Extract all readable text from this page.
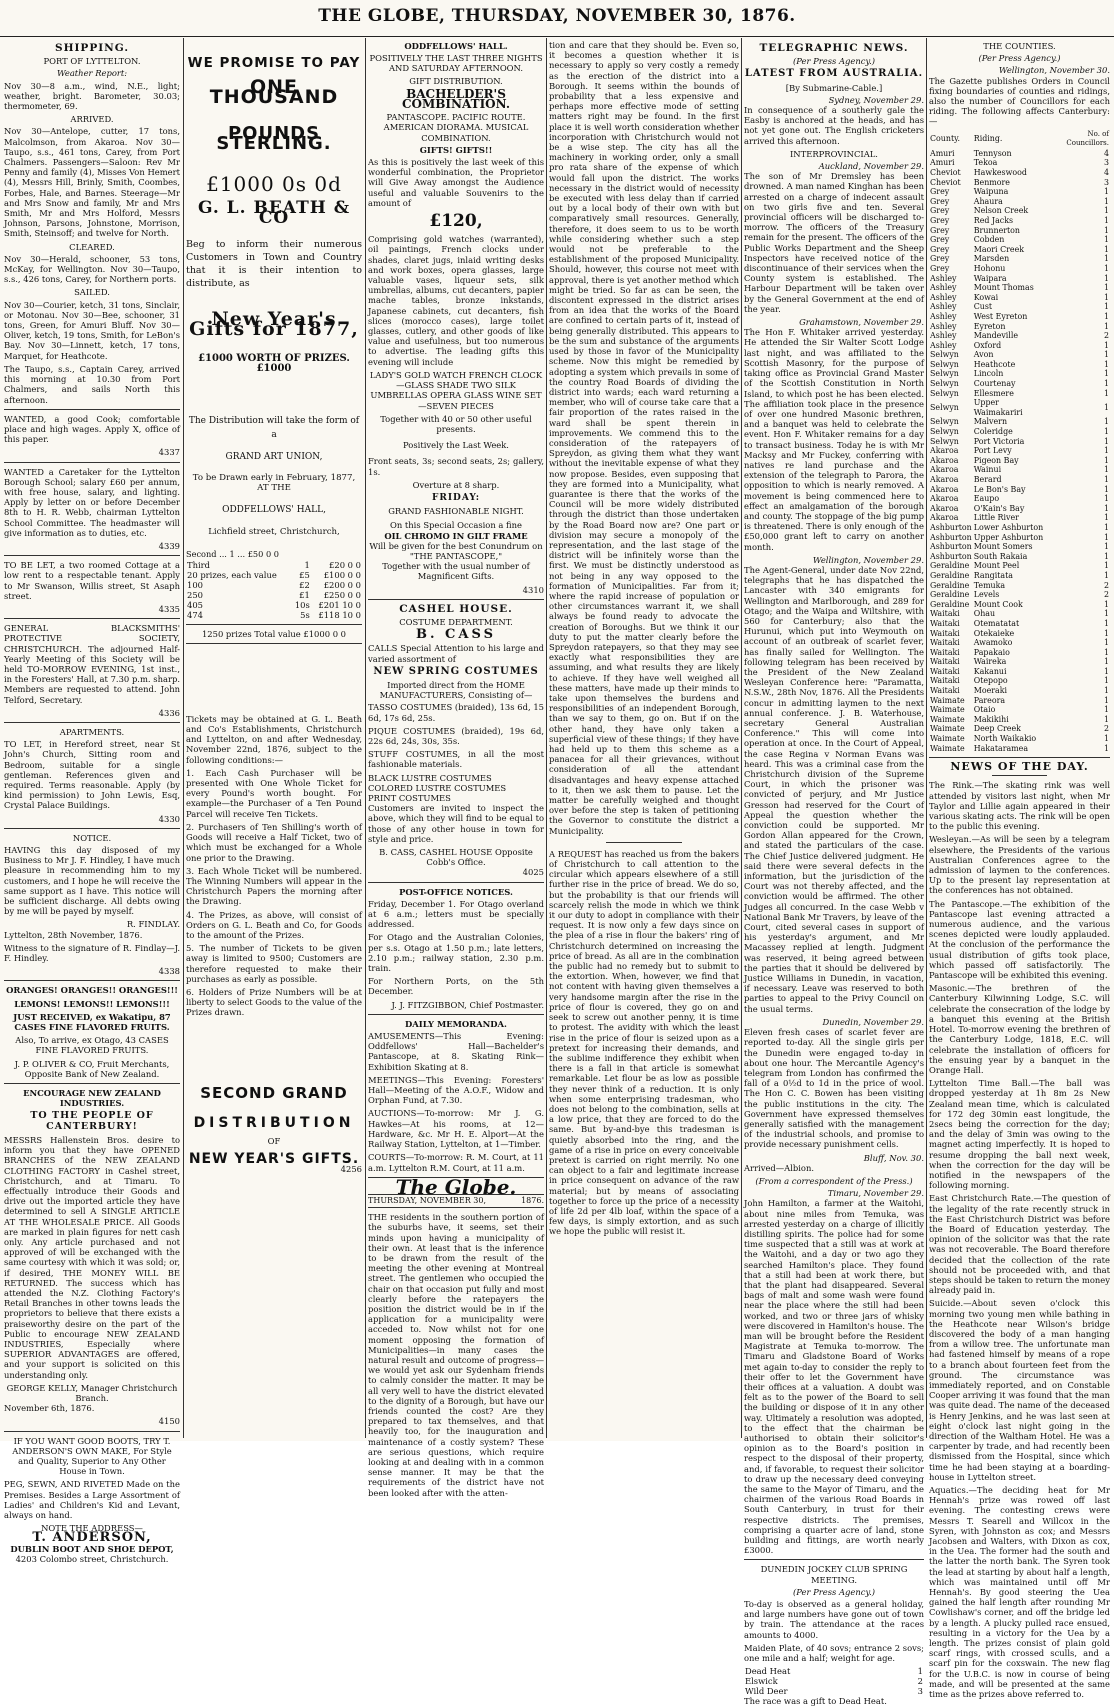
THE GLOBE, THURSDAY, NOVEMBER 30, 1876.
SHIPPING.
PORT OF LYTTELTON.
Weather Report:

Nov 30—8 a.m., wind, N.E., light; weather, bright. Barometer, 30.03; thermometer, 69.

ARRIVED.

Nov 30—Antelope, cutter, 17 tons, Malcolmson, from Akaroa. Nov 30—Taupo, s.s., 461 tons, Carey, from Port Chalmers. Passengers—Saloon: Rev Mr Penny and family (4), Misses Von Hemert (4), Messrs Hill, Brinly, Smith, Coombes, Forbes, Hale, and Barnes. Steerage—Mr and Mrs Snow and family, Mr and Mrs Smith, Mr and Mrs Holford, Messrs Johnson, Parsons, Johnstone, Morrison, Smith, Steinsoff; and twelve for North.

CLEARED.

Nov 30—Herald, schooner, 53 tons, McKay, for Wellington. Nov 30—Taupo, s.s., 426 tons, Carey, for Northern ports.

SAILED.

Nov 30—Courier, ketch, 31 tons, Sinclair, or Motonau. Nov 30—Bee, schooner, 31 tons, Green, for Amuri Bluff. Nov 30—Oliver, ketch, 19 tons, Smith, for LeBon's Bay. Nov 30—Linnett, ketch, 17 tons, Marquet, for Heathcote.

The Taupo, s.s., Captain Carey, arrived this morning at 10.30 from Port Chalmers, and sails North this afternoon.

WANTED, a good Cook; comfortable place and high wages. Apply X, office of this paper.

4337

WANTED a Caretaker for the Lyttelton Borough School; salary £60 per annum, with free house, salary, and lighting. Apply by letter on or before December 8th to H. R. Webb, chairman Lyttelton School Committee. The headmaster will give information as to duties, etc.

4339

TO BE LET, a two roomed Cottage at a low rent to a respectable tenant. Apply to Mr Swanson, Willis street, St Asaph street.

4335

GENERAL BLACKSMITHS' PROTECTIVE SOCIETY, CHRISTCHURCH. The adjourned Half-Yearly Meeting of this Society will be held TO-MORROW EVENING, 1st inst., in the Foresters' Hall, at 7.30 p.m. sharp. Members are requested to attend. John Telford, Secretary.

4336
APARTMENTS.

TO LET, in Hereford street, near St John's Church, Sitting room and Bedroom, suitable for a single gentleman. References given and required. Terms reasonable. Apply (by kind permission) to John Lewis, Esq, Crystal Palace Buildings.

4330
NOTICE.

HAVING this day disposed of my Business to Mr J. F. Hindley, I have much pleasure in recommending him to my customers, and I hope he will receive the same support as I have. This notice will be sufficient discharge. All debts owing by me will be payed by myself.

R. FINDLAY.

Lyttelton, 28th November, 1876.

Witness to the signature of R. Findlay—J. F. Hindley.

4338
ORANGES! ORANGES!! ORANGES!!!
LEMONS! LEMONS!! LEMONS!!!

JUST RECEIVED, ex Wakatipu, 87 CASES FINE FLAVORED FRUITS.

Also, To arrive, ex Otago, 43 CASES FINE FLAVORED FRUITS.

J. P. OLIVER & CO, Fruit Merchants, Opposite Bank of New Zealand.

ENCOURAGE NEW ZEALAND INDUSTRIES.
TO THE PEOPLE OF CANTERBURY!

MESSRS Hallenstein Bros. desire to inform you that they have OPENED BRANCHES of the NEW ZEALAND CLOTHING FACTORY in Cashel street, Christchurch, and at Timaru. To effectually introduce their Goods and drive out the imported article they have determined to sell A SINGLE ARTICLE AT THE WHOLESALE PRICE. All Goods are marked in plain figures for nett cash only. Any article purchased and not approved of will be exchanged with the same courtesy with which it was sold; or, if desired, THE MONEY WILL BE RETURNED. The success which has attended the N.Z. Clothing Factory's Retail Branches in other towns leads the proprietors to believe that there exists a praiseworthy desire on the part of the Public to encourage NEW ZEALAND INDUSTRIES, Especially where SUPERIOR ADVANTAGES are offered, and your support is solicited on this understanding only.

GEORGE KELLY, Manager Christchurch Branch.

November 6th, 1876.

4150

IF YOU WANT GOOD BOOTS, TRY T. ANDERSON'S OWN MAKE, For Style and Quality, Superior to Any Other House in Town.

PEG, SEWN, AND RIVETED Made on the Premises. Besides a Large Assortment of Ladies' and Children's Kid and Levant, always on hand.

NOTE THE ADDRESS—
T. ANDERSON,
DUBLIN BOOT AND SHOE DEPOT,
4203 Colombo street, Christchurch.
WE PROMISE TO PAY
ONE THOUSAND
POUNDS STERLING.
£1000 0s 0d
G. L. BEATH & CO

Beg to inform their numerous Customers in Town and Country that it is their intention to distribute, as

New Year's Gifts for 1877,
£1000 WORTH OF PRIZES. £1000

The Distribution will take the form of a

GRAND ART UNION,

To be Drawn early in February, 1877, AT THE

ODDFELLOWS' HALL,
Lichfield street, Christchurch,
Second ... 1 ... £50 0 0
Third	1	£20 0 0
20 prizes, each value	£5	£100 0 0
100	£2	£200 0 0
250	£1	£250 0 0
405	10s	£201 10 0
474	5s	£118 10 0
1250 prizes Total value £1000 0 0

Tickets may be obtained at G. L. Beath and Co's Establishments, Christchurch and Lyttelton, on and after Wednesday, November 22nd, 1876, subject to the following conditions:—

1. Each Cash Purchaser will be presented with One Whole Ticket for every Pound's worth bought. For example—the Purchaser of a Ten Pound Parcel will receive Ten Tickets.

2. Purchasers of Ten Shilling's worth of Goods will receive a Half Ticket, two of which must be exchanged for a Whole one prior to the Drawing.

3. Each Whole Ticket will be numbered. The Winning Numbers will appear in the Christchurch Papers the morning after the Drawing.

4. The Prizes, as above, will consist of Orders on G. L. Beath and Co, for Goods to the amount of the Prizes.

5. The number of Tickets to be given away is limited to 9500; Customers are therefore requested to make their purchases as early as possible.

6. Holders of Prize Numbers will be at liberty to select Goods to the value of the Prizes drawn.

SECOND GRAND
DISTRIBUTION
OF
NEW YEAR'S GIFTS.
4256
ODDFELLOWS' HALL.
POSITIVELY THE LAST THREE NIGHTS AND SATURDAY AFTERNOON.
GIFT DISTRIBUTION.
BACHELDER'S COMBINATION.
PANTASCOPE. PACIFIC ROUTE. AMERICAN DIORAMA. MUSICAL COMBINATION.
GIFTS! GIFTS!!

As this is positively the last week of this wonderful combination, the Proprietor will Give Away amongst the Audience useful and valuable Souvenirs to the amount of

£120,

Comprising gold watches (warranted), oil paintings, French clocks under shades, claret jugs, inlaid writing desks and work boxes, opera glasses, large valuable vases, liqueur sets, silk umbrellas, albums, cut decanters, papier mache tables, bronze inkstands, Japanese cabinets, cut decanters, fish slices (morocco cases), large toilet glasses, cutlery, and other goods of like value and usefulness, but too numerous to advertise. The leading gifts this evening will include

LADY'S GOLD WATCH FRENCH CLOCK—GLASS SHADE TWO SILK UMBRELLAS OPERA GLASS WINE SET—SEVEN PIECES

Together with 40 or 50 other useful presents.

Positively the Last Week.

Front seats, 3s; second seats, 2s; gallery, 1s.

Overture at 8 sharp.
FRIDAY:
GRAND FASHIONABLE NIGHT.
On this Special Occasion a fine
OIL CHROMO IN GILT FRAME
Will be given for the best Conundrum on
"THE PANTASCOPE,"

Together with the usual number of Magnificent Gifts.

4310
CASHEL HOUSE.
COSTUME DEPARTMENT.
B. CASS

CALLS Special Attention to his large and varied assortment of

NEW SPRING COSTUMES
Imported direct from the HOME MANUFACTURERS, Consisting of—

TASSO COSTUMES (braided), 13s 6d, 15 6d, 17s 6d, 25s.

PIQUE COSTUMES (braided), 19s 6d, 22s 6d, 24s, 30s, 35s.

STUFF COSTUMES, in all the most fashionable materials.

BLACK LUSTRE COSTUMES
COLORED LUSTRE COSTUMES
PRINT COSTUMES

Customers are invited to inspect the above, which they will find to be equal to those of any other house in town for style and price.

B. CASS, CASHEL HOUSE Opposite Cobb's Office.
4025
POST-OFFICE NOTICES.

Friday, December 1. For Otago overland at 6 a.m.; letters must be specially addressed.

For Otago and the Australian Colonies, per s.s. Otago at 1.50 p.m.; late letters, 2.10 p.m.; railway station, 2.30 p.m. train.

For Northern Ports, on the 5th December.

J. J. FITZGIBBON, Chief Postmaster.
DAILY MEMORANDA.

AMUSEMENTS—This Evening: Oddfellows' Hall—Bachelder's Pantascope, at 8. Skating Rink—Exhibition Skating at 8.

MEETINGS—This Evening: Foresters' Hall—Meeting of the A.O.F., Widow and Orphan Fund, at 7.30.

AUCTIONS—To-morrow: Mr J. G. Hawkes—At his rooms, at 12—Hardware, &c. Mr H. E. Alport—At the Railway Station, Lyttelton, at 1—Timber.

COURTS—To-morrow: R. M. Court, at 11 a.m. Lyttelton R.M. Court, at 11 a.m.

The Globe.
THURSDAY, NOVEMBER 30,	1876.

THE residents in the southern portion of the suburbs have, it seems, set their minds upon having a municipality of their own. At least that is the inference to be drawn from the result of the meeting the other evening at Montreal street. The gentlemen who occupied the chair on that occasion put fully and most clearly before the ratepayers the position the district would be in if the application for a municipality were acceded to. Now whilst not for one moment opposing the formation of Municipalities—in many cases the natural result and outcome of progress—we would yet ask our Sydenham friends to calmly consider the matter. It may be all very well to have the district elevated to the dignity of a Borough, but have our friends counted the cost? Are they prepared to tax themselves, and that heavily too, for the inauguration and maintenance of a costly system? These are serious questions, which require looking at and dealing with in a common sense manner. It may be that the requirements of the district have not been looked after with the atten-

tion and care that they should be. Even so, it becomes a question whether it is necessary to apply so very costly a remedy as the erection of the district into a Borough. It seems within the bounds of probability that a less expensive and perhaps more effective mode of setting matters right may be found. In the first place it is well worth consideration whether incorporation with Christchurch would not be a wise step. The city has all the machinery in working order, only a small pro rata share of the expense of which would fall upon the district. The works necessary in the district would of necessity be executed with less delay than if carried out by a local body of their own with but comparatively small resources. Generally, therefore, it does seem to us to be worth while considering whether such a step would not be preferable to the establishment of the proposed Municipality. Should, however, this course not meet with approval, there is yet another method which might be tried. So far as can be seen, the discontent expressed in the district arises from an idea that the works of the Board are confined to certain parts of it, instead of being generally distributed. This appears to be the sum and substance of the arguments used by those in favor of the Municipality scheme. Now this might be remedied by adopting a system which prevails in some of the country Road Boards of dividing the district into wards; each ward returning a member, who will of course take care that a fair proportion of the rates raised in the ward shall be spent therein in improvements. We commend this to the consideration of the ratepayers of Spreydon, as giving them what they want without the inevitable expense of what they now propose. Besides, even supposing that they are formed into a Municipality, what guarantee is there that the works of the Council will be more widely distributed through the district than those undertaken by the Road Board now are? One part or division may secure a monopoly of the representation, and the last stage of the district will be infinitely worse than the first. We must be distinctly understood as not being in any way opposed to the formation of Municipalities. Far from it; where the rapid increase of population or other circumstances warrant it, we shall always be found ready to advocate the creation of Boroughs. But we think it our duty to put the matter clearly before the Spreydon ratepayers, so that they may see exactly what responsibilities they are assuming, and what results they are likely to achieve. If they have well weighed all these matters, have made up their minds to take upon themselves the burdens and responsibilities of an independent Borough, than we say to them, go on. But if on the other hand, they have only taken a superficial view of these things; if they have had held up to them this scheme as a panacea for all their grievances, without consideration of all the attendant disadvantages and heavy expense attached to it, then we ask them to pause. Let the matter be carefully weighed and thought over before the step is taken of petitioning the Governor to constitute the district a Municipality.

A REQUEST has reached us from the bakers of Christchurch to call attention to the circular which appears elsewhere of a still further rise in the price of bread. We do so, but the probability is that our friends will scarcely relish the mode in which we think it our duty to adopt in compliance with their request. It is now only a few days since on the plea of a rise in flour the bakers' ring of Christchurch determined on increasing the price of bread. As all are in the combination the public had no remedy but to submit to the extortion. When, however, we find that not content with having given themselves a very handsome margin after the rise in the price of flour is covered, they go on and seek to screw out another penny, it is time to protest. The avidity with which the least rise in the price of flour is seized upon as a pretext for increasing their demands, and the sublime indifference they exhibit when there is a fall in that article is somewhat remarkable. Let flour be as low as possible they never think of a reduction. It is only when some enterprising tradesman, who does not belong to the combination, sells at a low price, that they are forced to do the same. But by-and-bye this tradesman is quietly absorbed into the ring, and the game of a rise in price on every conceivable pretext is carried on right merrily. No one can object to a fair and legitimate increase in price consequent on advance of the raw material; but by means of associating together to force up the price of a necessity of life 2d per 4lb loaf, within the space of a few days, is simply extortion, and as such we hope the public will resist it.

TELEGRAPHIC NEWS.
(Per Press Agency.)
LATEST FROM AUSTRALIA.
[By Submarine-Cable.]
Sydney, November 29.

In consequence of a southerly gale the Easby is anchored at the heads, and has not yet gone out. The English cricketers arrived this afternoon.

INTERPROVINCIAL.
Auckland, November 29.

The son of Mr Dremsley has been drowned. A man named Kinghan has been arrested on a charge of indecent assault on two girls five and ten. Several provincial officers will be discharged to-morrow. The officers of the Treasury remain for the present. The officers of the Public Works Department and the Sheep Inspectors have received notice of the discontinuance of their services when the County system is established. The Harbour Department will be taken over by the General Government at the end of the year.

Grahamstown, November 29.

The Hon F. Whitaker arrived yesterday. He attended the Sir Walter Scott Lodge last night, and was affiliated to the Scottish Masonry, for the purpose of taking office as Provincial Grand Master of the Scottish Constitution in North Island, to which post he has been elected. The affiliation took place in the presence of over one hundred Masonic brethren, and a banquet was held to celebrate the event. Hon F. Whitaker remains for a day to transact business. Today he is with Mr Macksy and Mr Fuckey, conferring with natives re land purchase and the extension of the telegraph to Parora, the opposition to which is nearly removed. A movement is being commenced here to effect an amalgamation of the borough and county. The stoppage of the big pump is threatened. There is only enough of the £50,000 grant left to carry on another month.

Wellington, November 29.

The Agent-General, under date Nov 22nd, telegraphs that he has dispatched the Lancaster with 340 emigrants for Wellington and Marlborough, and 289 for Otago; and the Waipa and Wiltshire, with 560 for Canterbury; also that the Hurunui, which put into Weymouth on account of an outbreak of scarlet fever, has finally sailed for Wellington. The following telegram has been received by the President of the New Zealand Wesleyan Conference here: "Paramatta, N.S.W., 28th Nov, 1876. All the Presidents concur in admitting laymen to the next annual conference. J. B. Waterhouse, secretary General Australian Conference." This will come into operation at once. In the Court of Appeal, the case Regina v Norman Evans was heard. This was a criminal case from the Christchurch division of the Supreme Court, in which the prisoner was convicted of perjury, and Mr Justice Gresson had reserved for the Court of Appeal the question whether the conviction could be supported. Mr Gordon Allan appeared for the Crown, and stated the particulars of the case. The Chief Justice delivered judgment. He said there were several defects in the information, but the jurisdiction of the Court was not thereby affected, and the conviction would be affirmed. The other Judges all concurred. In the case Webb v National Bank Mr Travers, by leave of the Court, cited several cases in support of his yesterday's argument, and Mr Macassey replied at length. Judgment was reserved, it being agreed between the parties that it should be delivered by Justice Williams in Dunedin, in vacation, if necessary. Leave was reserved to both parties to appeal to the Privy Council on the usual terms.

Dunedin, November 29.

Eleven fresh cases of scarlet fever are reported to-day. All the single girls per the Dunedin were engaged to-day in about one hour. The Mercantile Agency's telegram from London has confirmed the fall of a 0½d to 1d in the price of wool. The Hon C. C. Bowen has been visiting the public institutions in the city. The Government have expressed themselves generally satisfied with the management of the industrial schools, and promise to provide necessary punishment cells.

Bluff, Nov. 30.

Arrived—Albion.

(From a correspondent of the Press.)
Timaru, November 29.

John Hamilton, a farmer at the Waitohi, about nine miles from Temuka, was arrested yesterday on a charge of illicitly distilling spirits. The police had for some time suspected that a still was at work at the Waitohi, and a day or two ago they searched Hamilton's place. They found that a still had been at work there, but that the plant had disappeared. Several bags of malt and some wash were found near the place where the still had been worked, and two or three jars of whisky were discovered in Hamilton's house. The man will be brought before the Resident Magistrate at Temuka to-morrow. The Timaru and Gladstone Board of Works met again to-day to consider the reply to their offer to let the Government have their offices at a valuation. A doubt was felt as to the power of the Board to sell the building or dispose of it in any other way. Ultimately a resolution was adopted, to the effect that the chairman be authorised to obtain their solicitor's opinion as to the Board's position in respect to the disposal of their property, and, if favorable, to request their solicitor to draw up the necessary deed conveying the same to the Mayor of Timaru, and the chairmen of the various Road Boards in South Canterbury, in trust for their respective districts. The premises, comprising a quarter acre of land, stone building and fittings, are worth nearly £3000.

DUNEDIN JOCKEY CLUB SPRING MEETING.
(Per Press Agency.)

To-day is observed as a general holiday, and large numbers have gone out of town by train. The attendance at the races amounts to 4000.

Maiden Plate, of 40 sovs; entrance 2 sovs; one mile and a half; weight for age.

Dead Heat	1
Elswick	2
Wild Deer	3

The race was a gift to Dead Heat.

THE COUNTIES.
(Per Press Agency.)
Wellington, November 30.

The Gazette publishes Orders in Council fixing boundaries of counties and ridings, also the number of Councillors for each riding. The following affects Canterbury:—

County.	Riding.	No. of Councillors.
Amuri	Tennyson	4
Amuri	Tekoa	3
Cheviot	Hawkeswood	4
Cheviot	Benmore	3
Grey	Waipuna	1
Grey	Ahaura	1
Grey	Nelson Creek	1
Grey	Red Jacks	1
Grey	Brunnerton	1
Grey	Cobden	1
Grey	Maori Creek	1
Grey	Marsden	1
Grey	Hohonu	1
Ashley	Waipara	1
Ashley	Mount Thomas	1
Ashley	Kowai	1
Ashley	Cust	1
Ashley	West Eyreton	1
Ashley	Eyreton	1
Ashley	Mandeville	2
Ashley	Oxford	1
Selwyn	Avon	1
Selwyn	Heathcote	1
Selwyn	Lincoln	1
Selwyn	Courtenay	1
Selwyn	Ellesmere	1
Selwyn	Upper Waimakariri	1
Selwyn	Malvern	1
Selwyn	Coleridge	1
Selwyn	Port Victoria	1
Akaroa	Port Levy	1
Akaroa	Pigeon Bay	1
Akaroa	Wainui	1
Akaroa	Berard	1
Akaroa	Le Bon's Bay	1
Akaroa	Eaupo	1
Akaroa	O'Kain's Bay	1
Akaroa	Little River	1
Ashburton	Lower Ashburton	1
Ashburton	Upper Ashburton	1
Ashburton	Mount Somers	1
Ashburton	South Rakaia	1
Geraldine	Mount Peel	1
Geraldine	Rangitata	1
Geraldine	Temuka	2
Geraldine	Levels	2
Geraldine	Mount Cook	1
Waitaki	Ohau	1
Waitaki	Otematatat	1
Waitaki	Otekaieke	1
Waitaki	Awamoko	1
Waitaki	Papakaio	1
Waitaki	Waireka	1
Waitaki	Kakanui	1
Waitaki	Otepopo	1
Waitaki	Moeraki	1
Waimate	Pareora	1
Waimate	Otaio	1
Waimate	Makikihi	1
Waimate	Deep Creek	2
Waimate	North Waikakio	1
Waimate	Hakataramea	1
NEWS OF THE DAY.

The Rink.—The skating rink was well attended by visitors last night, when Mr Taylor and Lillie again appeared in their various skating acts. The rink will be open to the public this evening.

Wesleyan.—As will be seen by a telegram elsewhere, the Presidents of the various Australian Conferences agree to the admission of laymen to the conferences. Up to the present lay representation at the conferences has not obtained.

The Pantascope.—The exhibition of the Pantascope last evening attracted a numerous audience, and the various scenes depicted were loudly applauded. At the conclusion of the performance the usual distribution of gifts took place, which passed off satisfactorily. The Pantascope will be exhibited this evening.

Masonic.—The brethren of the Canterbury Kilwinning Lodge, S.C. will celebrate the consecration of the lodge by a banquet this evening at the British Hotel. To-morrow evening the brethren of the Canterbury Lodge, 1818, E.C. will celebrate the installation of officers for the ensuing year by a banquet in the Orange Hall.

Lyttelton Time Ball.—The ball was dropped yesterday at 1h 8m 2s New Zealand mean time, which is calculated for 172 deg 30min east longitude, the 2secs being the correction for the day; and the delay of 3min was owing to the magnet acting imperfectly. It is hoped to resume dropping the ball next week, when the correction for the day will be notified in the newspapers of the following morning.

East Christchurch Rate.—The question of the legality of the rate recently struck in the East Christchurch District was before the Board of Education yesterday. The opinion of the solicitor was that the rate was not recoverable. The Board therefore decided that the collection of the rate should not be proceeded with, and that steps should be taken to return the money already paid in.

Suicide.—About seven o'clock this morning two young men while bathing in the Heathcote near Wilson's bridge discovered the body of a man hanging from a willow tree. The unfortunate man had fastened himself by means of a rope to a branch about fourteen feet from the ground. The circumstance was immediately reported, and on Constable Cooper arriving it was found that the man was quite dead. The name of the deceased is Henry Jenkins, and he was last seen at eight o'clock last night going in the direction of the Waltham Hotel. He was a carpenter by trade, and had recently been dismissed from the Hospital, since which time he had been staying at a boarding-house in Lyttelton street.

Aquatics.—The deciding heat for Mr Hennah's prize was rowed off last evening. The contesting crews were Messrs T. Searell and Willcox in the Syren, with Johnston as cox; and Messrs Jacobsen and Walters, with Dixon as cox, in the Uea. The former had the south and the latter the north bank. The Syren took the lead at starting by about half a length, which was maintained until off Mr Hennah's. By good steering the Uea gained the half length after rounding Mr Cowlishaw's corner, and off the bridge led by a length. A plucky pulled race ensued, resulting in a victory for the Uea by a length. The prizes consist of plain gold scarf rings, with crossed sculls, and a scarf pin for the coxswain. The new flag for the U.B.C. is now in course of being made, and will be presented at the same time as the prizes above referred to.
